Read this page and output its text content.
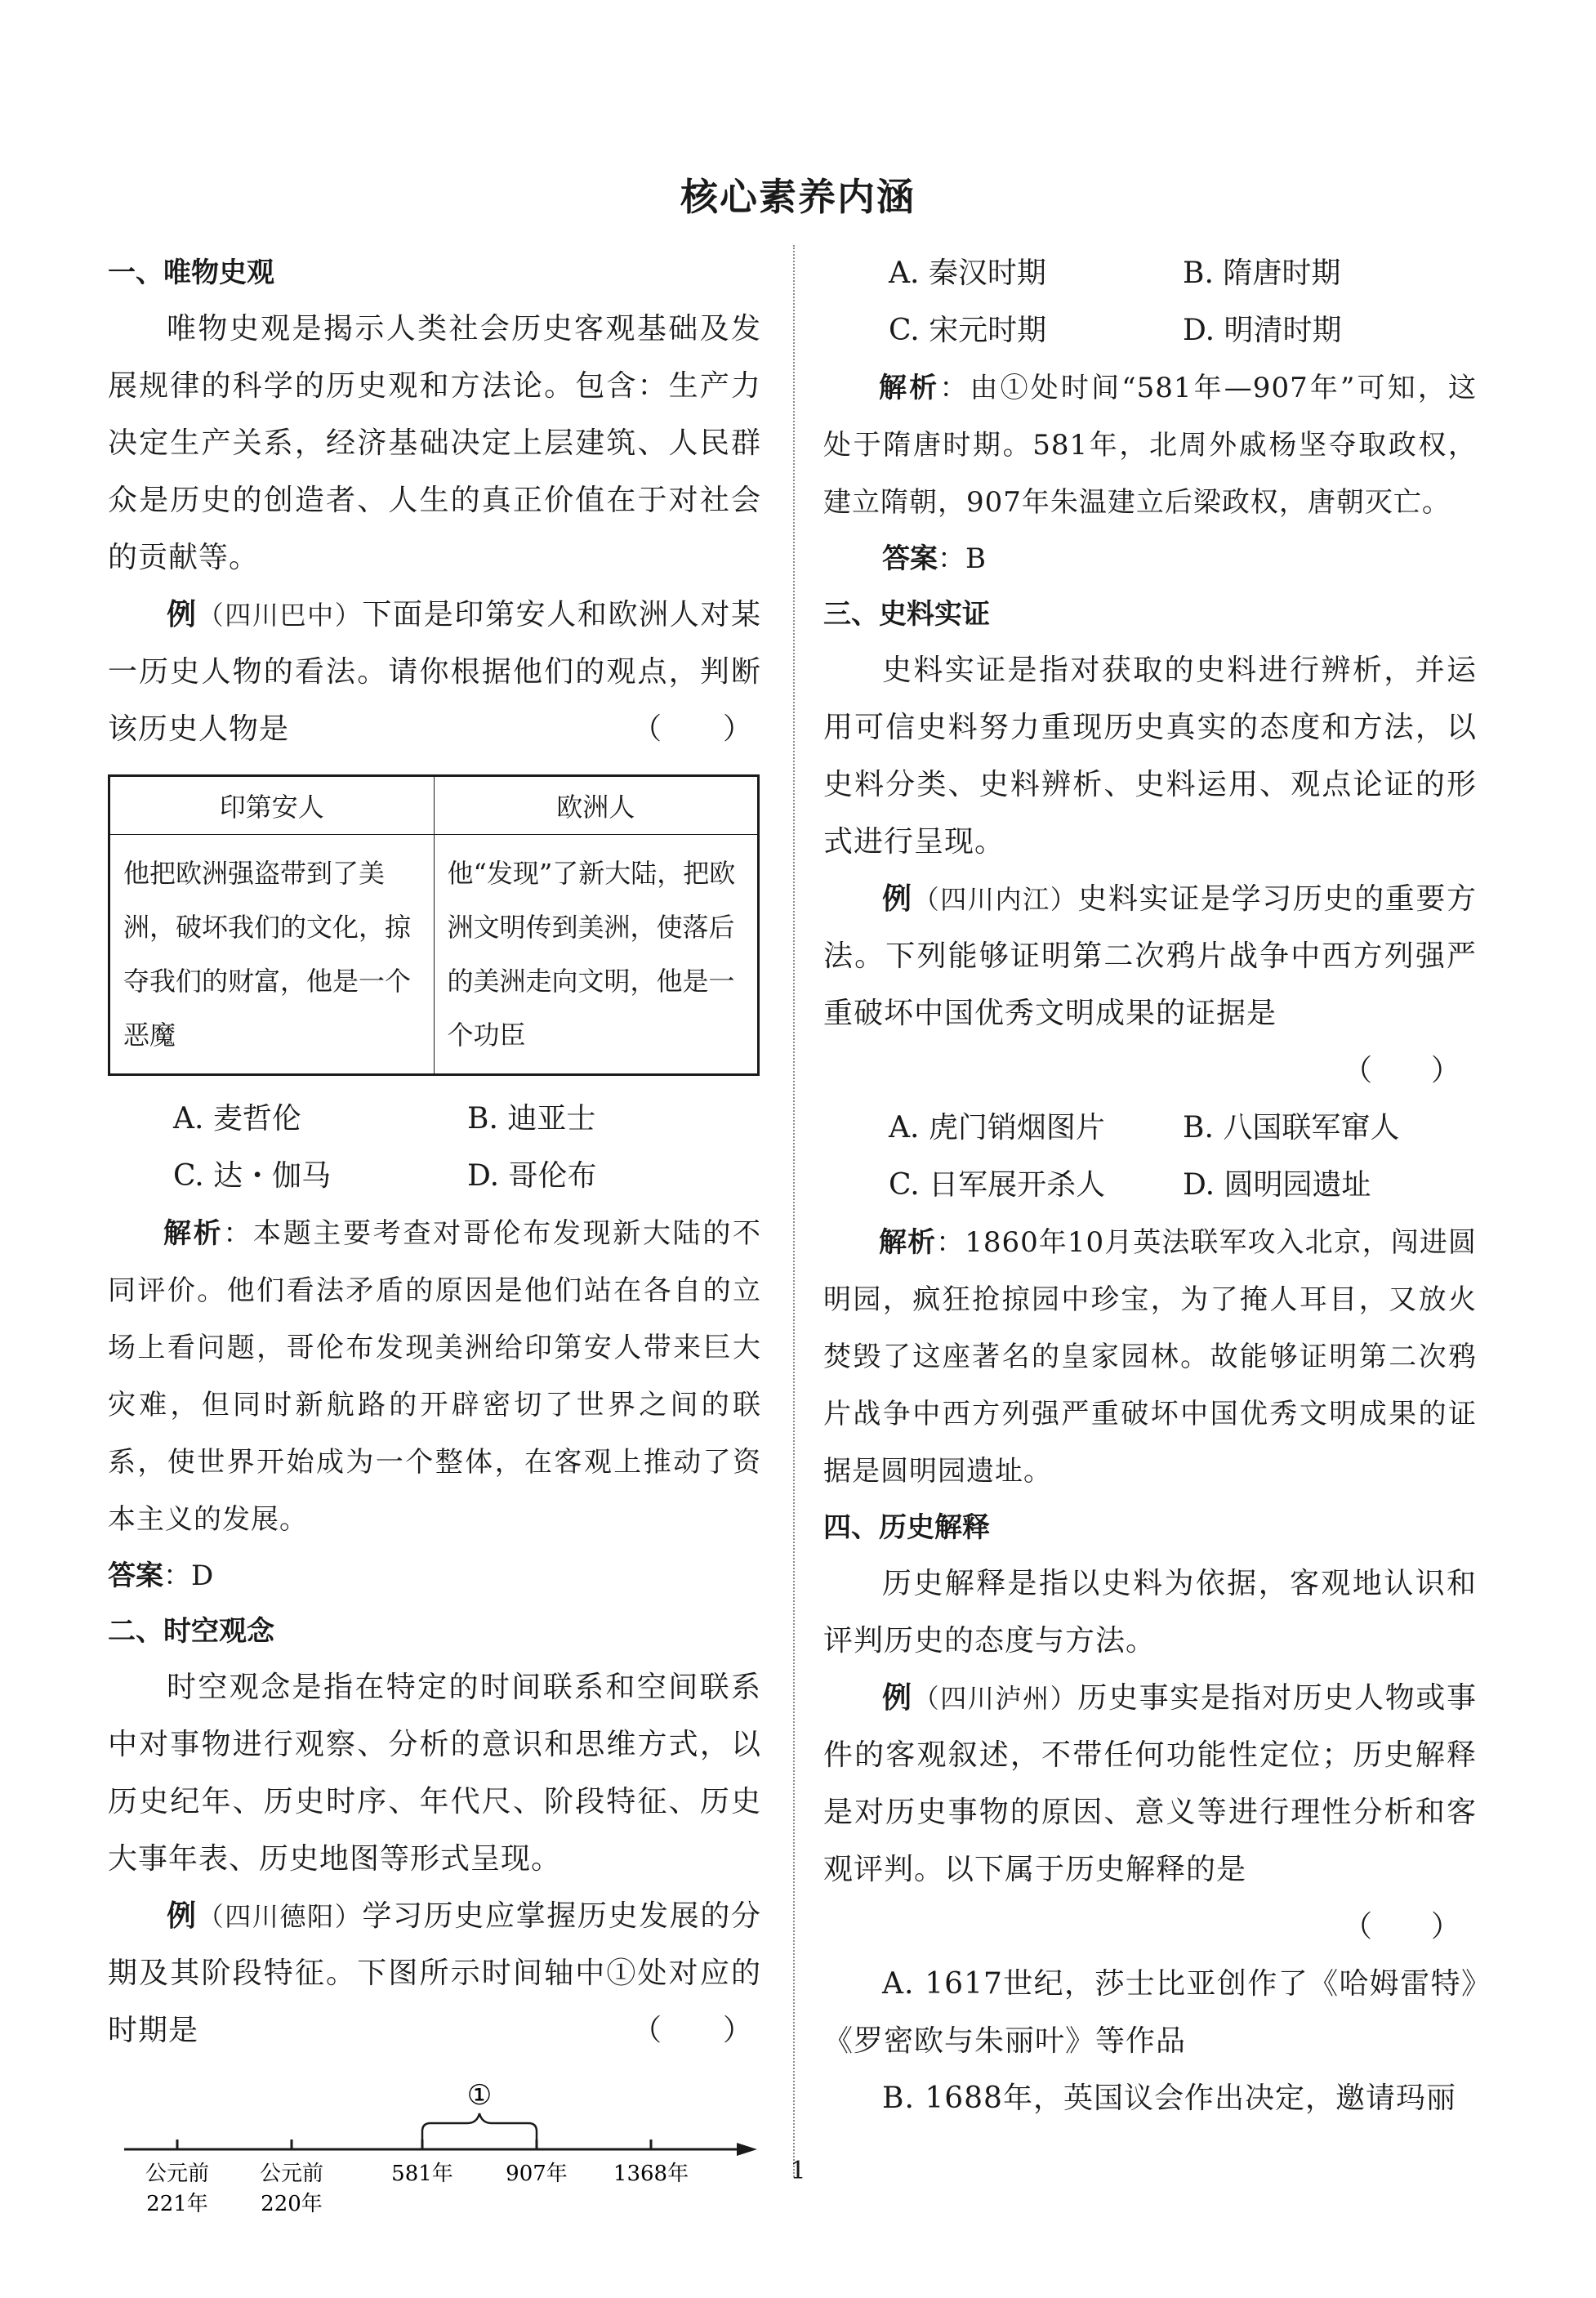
核心素养内涵

一、唯物史观

唯物史观是揭示人类社会历史客观基础及发展规律的科学的历史观和方法论。包含：生产力决定生产关系，经济基础决定上层建筑、人民群众是历史的创造者、人生的真正价值在于对社会的贡献等。

例（四川巴中）下面是印第安人和欧洲人对某一历史人物的看法。请你根据他们的观点，判断该历史人物是	（　　）

印第安人	欧洲人
他把欧洲强盗带到了美洲，破坏我们的文化，掠夺我们的财富，他是一个恶魔	他“发现”了新大陆，把欧洲文明传到美洲，使落后的美洲走向文明，他是一个功臣
A. 麦哲伦	B. 迪亚士
C. 达・伽马	D. 哥伦布

解析：本题主要考查对哥伦布发现新大陆的不同评价。他们看法矛盾的原因是他们站在各自的立场上看问题，哥伦布发现美洲给印第安人带来巨大灾难，但同时新航路的开辟密切了世界之间的联系，使世界开始成为一个整体，在客观上推动了资本主义的发展。

答案：D

二、时空观念

时空观念是指在特定的时间联系和空间联系中对事物进行观察、分析的意识和思维方式，以历史纪年、历史时序、年代尺、阶段特征、历史大事年表、历史地图等形式呈现。

例（四川德阳）学习历史应掌握历史发展的分期及其阶段特征。下图所示时间轴中①处对应的时期是	（　　）

①
公元前
221年
公元前
220年
581年 907年 1368年
A. 秦汉时期	B. 隋唐时期
C. 宋元时期	D. 明清时期

解析：由①处时间“581年—907年”可知，这处于隋唐时期。581年，北周外戚杨坚夺取政权，建立隋朝，907年朱温建立后梁政权，唐朝灭亡。

答案：B

三、史料实证

史料实证是指对获取的史料进行辨析，并运用可信史料努力重现历史真实的态度和方法，以史料分类、史料辨析、史料运用、观点论证的形式进行呈现。

例（四川内江）史料实证是学习历史的重要方法。下列能够证明第二次鸦片战争中西方列强严重破坏中国优秀文明成果的证据是

（　　）

A. 虎门销烟图片	B. 八国联军窜人
C. 日军展开杀人	D. 圆明园遗址

解析：1860年10月英法联军攻入北京，闯进圆明园，疯狂抢掠园中珍宝，为了掩人耳目，又放火焚毁了这座著名的皇家园林。故能够证明第二次鸦片战争中西方列强严重破坏中国优秀文明成果的证据是圆明园遗址。

四、历史解释

历史解释是指以史料为依据，客观地认识和评判历史的态度与方法。

例（四川泸州）历史事实是指对历史人物或事件的客观叙述，不带任何功能性定位；历史解释是对历史事物的原因、意义等进行理性分析和客观评判。以下属于历史解释的是

（　　）

A. 1617世纪，莎士比亚创作了《哈姆雷特》《罗密欧与朱丽叶》等作品

B. 1688年，英国议会作出决定，邀请玛丽

1
